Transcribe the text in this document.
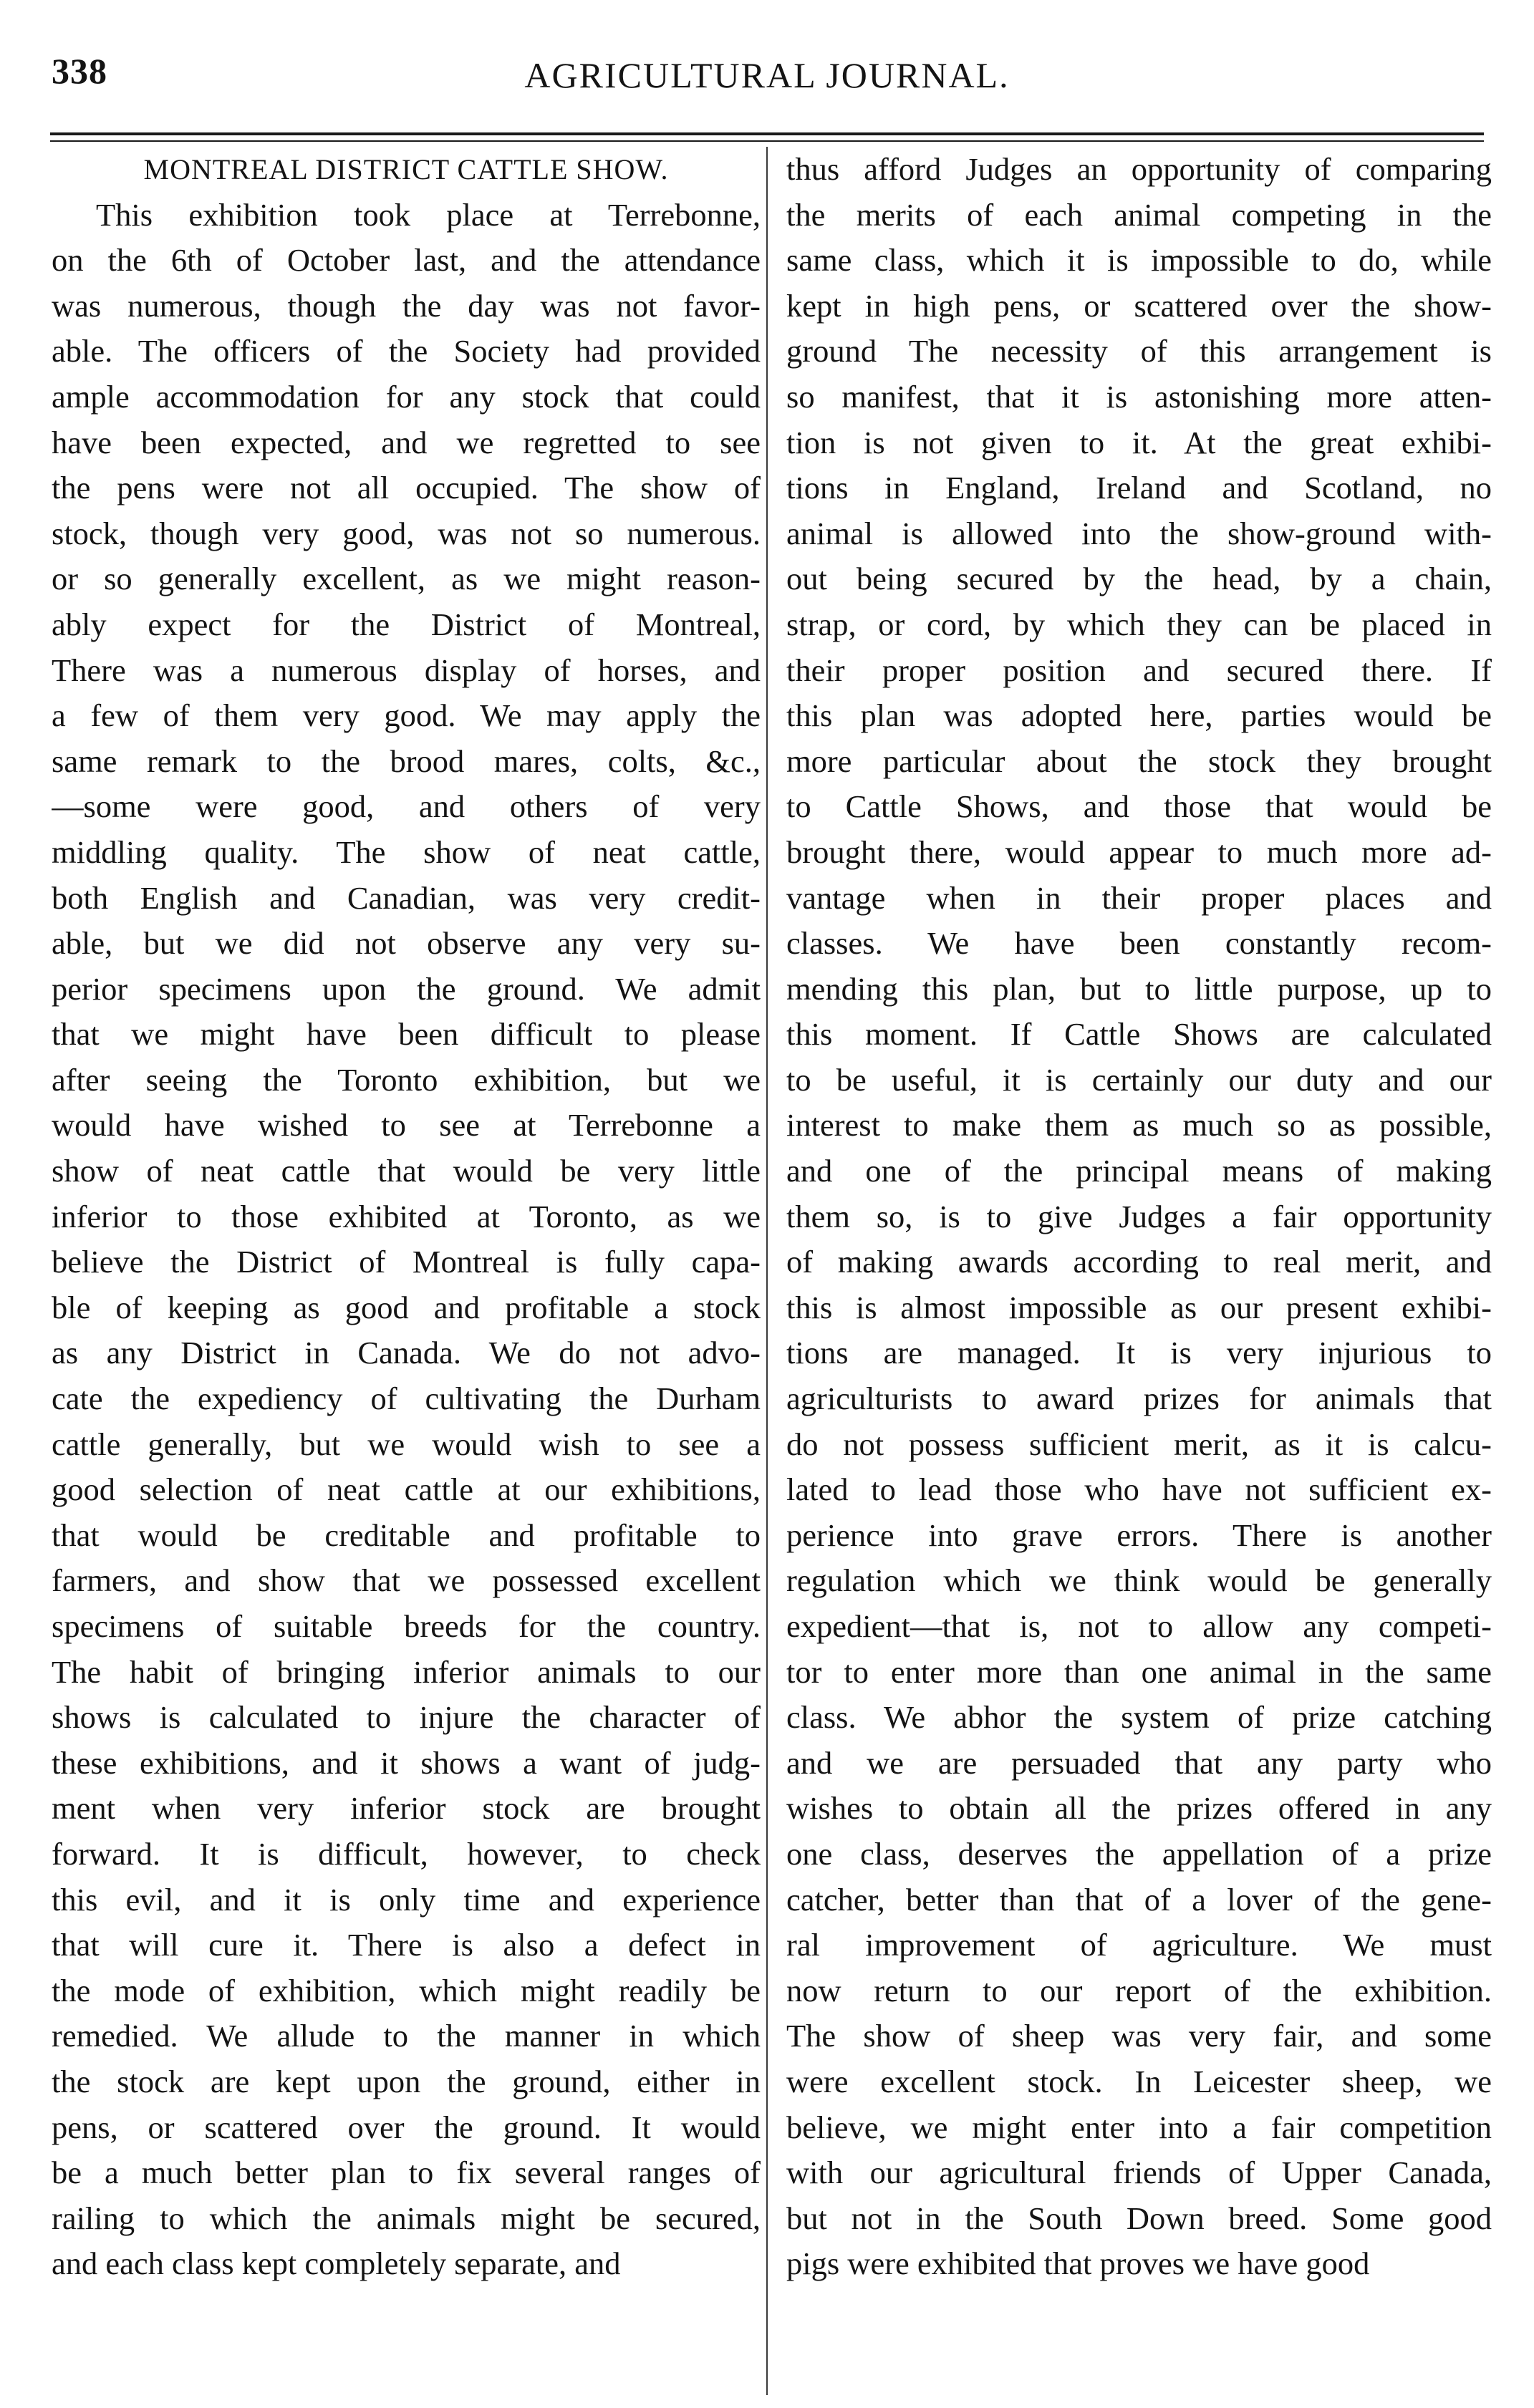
338	AGRICULTURAL JOURNAL.
MONTREAL DISTRICT CATTLE SHOW.
This exhibition took place at Terrebonne,
on the 6th of October last, and the attendance
was numerous, though the day was not favor-
able. The officers of the Society had provided
ample accommodation for any stock that could
have been expected, and we regretted to see
the pens were not all occupied. The show of
stock, though very good, was not so numerous.
or so generally excellent, as we might reason-
ably expect for the District of Montreal,
There was a numerous display of horses, and
a few of them very good. We may apply the
same remark to the brood mares, colts, &c.,
—some were good, and others of very
middling quality. The show of neat cattle,
both English and Canadian, was very credit-
able, but we did not observe any very su-
perior specimens upon the ground. We admit
that we might have been difficult to please
after seeing the Toronto exhibition, but we
would have wished to see at Terrebonne a
show of neat cattle that would be very little
inferior to those exhibited at Toronto, as we
believe the District of Montreal is fully capa-
ble of keeping as good and profitable a stock
as any District in Canada. We do not advo-
cate the expediency of cultivating the Durham
cattle generally, but we would wish to see a
good selection of neat cattle at our exhibitions,
that would be creditable and profitable to
farmers, and show that we possessed excellent
specimens of suitable breeds for the country.
The habit of bringing inferior animals to our
shows is calculated to injure the character of
these exhibitions, and it shows a want of judg-
ment when very inferior stock are brought
forward. It is difficult, however, to check
this evil, and it is only time and experience
that will cure it. There is also a defect in
the mode of exhibition, which might readily be
remedied. We allude to the manner in which
the stock are kept upon the ground, either in
pens, or scattered over the ground. It would
be a much better plan to fix several ranges of
railing to which the animals might be secured,
and each class kept completely separate, and
thus afford Judges an opportunity of comparing
the merits of each animal competing in the
same class, which it is impossible to do, while
kept in high pens, or scattered over the show-
ground The necessity of this arrangement is
so manifest, that it is astonishing more atten-
tion is not given to it. At the great exhibi-
tions in England, Ireland and Scotland, no
animal is allowed into the show-ground with-
out being secured by the head, by a chain,
strap, or cord, by which they can be placed in
their proper position and secured there. If
this plan was adopted here, parties would be
more particular about the stock they brought
to Cattle Shows, and those that would be
brought there, would appear to much more ad-
vantage when in their proper places and
classes. We have been constantly recom-
mending this plan, but to little purpose, up to
this moment. If Cattle Shows are calculated
to be useful, it is certainly our duty and our
interest to make them as much so as possible,
and one of the principal means of making
them so, is to give Judges a fair opportunity
of making awards according to real merit, and
this is almost impossible as our present exhibi-
tions are managed. It is very injurious to
agriculturists to award prizes for animals that
do not possess sufficient merit, as it is calcu-
lated to lead those who have not sufficient ex-
perience into grave errors. There is another
regulation which we think would be generally
expedient—that is, not to allow any competi-
tor to enter more than one animal in the same
class. We abhor the system of prize catching
and we are persuaded that any party who
wishes to obtain all the prizes offered in any
one class, deserves the appellation of a prize
catcher, better than that of a lover of the gene-
ral improvement of agriculture. We must
now return to our report of the exhibition.
The show of sheep was very fair, and some
were excellent stock. In Leicester sheep, we
believe, we might enter into a fair competition
with our agricultural friends of Upper Canada,
but not in the South Down breed. Some good
pigs were exhibited that proves we have good
